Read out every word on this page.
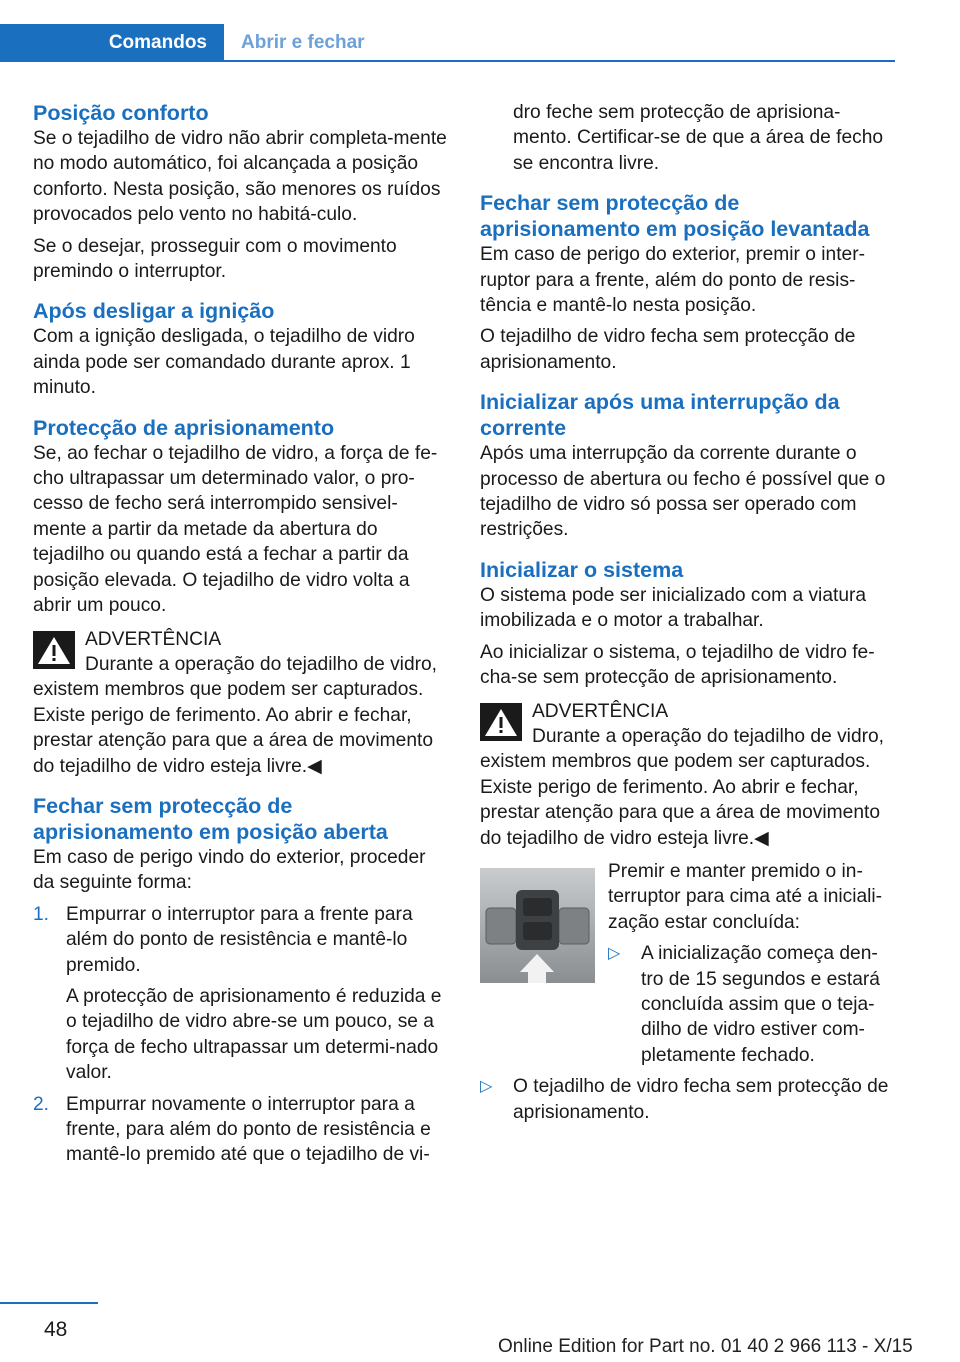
Comandos	Abrir e fechar
Posição conforto

Se o tejadilho de vidro não abrir completa-mente no modo automático, foi alcançada a posição conforto. Nesta posição, são menores os ruídos provocados pelo vento no habitá-culo.

Se o desejar, prosseguir com o movimento premindo o interruptor.

Após desligar a ignição

Com a ignição desligada, o tejadilho de vidro ainda pode ser comandado durante aprox. 1 minuto.

Protecção de aprisionamento

Se, ao fechar o tejadilho de vidro, a força de fe-cho ultrapassar um determinado valor, o pro-cesso de fecho será interrompido sensivel-mente a partir da metade da abertura do tejadilho ou quando está a fechar a partir da posição elevada. O tejadilho de vidro volta a abrir um pouco.

ADVERTÊNCIA
Durante a operação do tejadilho de vidro, existem membros que podem ser capturados. Existe perigo de ferimento. Ao abrir e fechar, prestar atenção para que a área de movimento do tejadilho de vidro esteja livre.◀
Fechar sem protecção de aprisionamento em posição aberta

Em caso de perigo vindo do exterior, proceder da seguinte forma:

1. Empurrar o interruptor para a frente para além do ponto de resistência e mantê-lo premido.
A protecção de aprisionamento é reduzida e o tejadilho de vidro abre-se um pouco, se a força de fecho ultrapassar um determi-nado valor.
2. Empurrar novamente o interruptor para a frente, para além do ponto de resistência e mantê-lo premido até que o tejadilho de vi-

dro feche sem protecção de aprisiona-mento. Certificar-se de que a área de fecho se encontra livre.

Fechar sem protecção de aprisionamento em posição levantada

Em caso de perigo do exterior, premir o inter-ruptor para a frente, além do ponto de resis-tência e mantê-lo nesta posição.

O tejadilho de vidro fecha sem protecção de aprisionamento.

Inicializar após uma interrupção da corrente

Após uma interrupção da corrente durante o processo de abertura ou fecho é possível que o tejadilho de vidro só possa ser operado com restrições.

Inicializar o sistema

O sistema pode ser inicializado com a viatura imobilizada e o motor a trabalhar.

Ao inicializar o sistema, o tejadilho de vidro fe-cha-se sem protecção de aprisionamento.

ADVERTÊNCIA
Durante a operação do tejadilho de vidro, existem membros que podem ser capturados. Existe perigo de ferimento. Ao abrir e fechar, prestar atenção para que a área de movimento do tejadilho de vidro esteja livre.◀
Premir e manter premido o in-terruptor para cima até a iniciali-zação estar concluída:
▷ A inicialização começa den-tro de 15 segundos e estará concluída assim que o teja-dilho de vidro estiver com-pletamente fechado.
▷ O tejadilho de vidro fecha sem protecção de aprisionamento.
48
Online Edition for Part no. 01 40 2 966 113 - X/15
